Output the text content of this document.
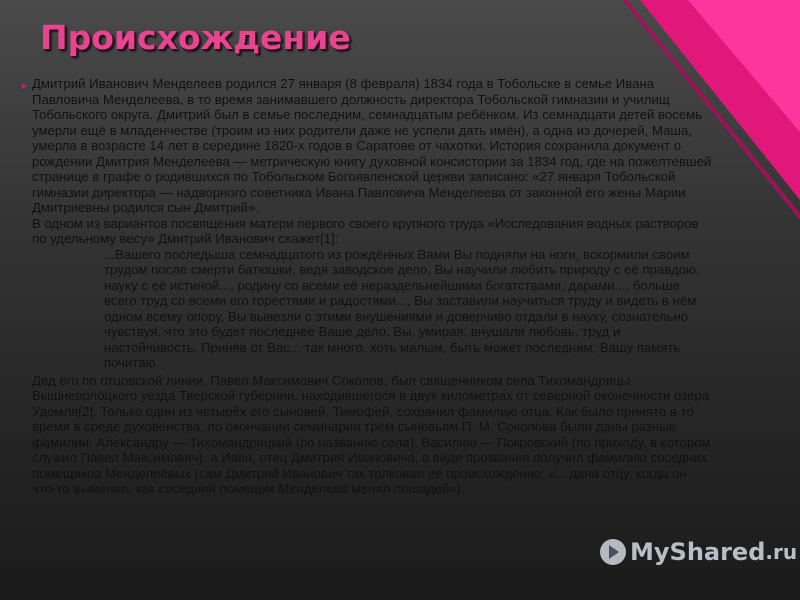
Происхождение
➤ Дмитрий Иванович Менделеев родился 27 января (8 февраля) 1834 года в Тобольске в семье Ивана Павловича Менделеева, в то время занимавшего должность директора Тобольской гимназии и училищ Тобольского округа. Дмитрий был в семье последним, семнадцатым ребёнком. Из семнадцати детей восемь умерли ещё в младенчестве (троим из них родители даже не успели дать имён), а одна из дочерей, Маша, умерла в возрасте 14 лет в середине 1820-х годов в Саратове от чахотки. История сохранила документ о рождении Дмитрия Менделеева — метрическую книгу духовной консистории за 1834 год, где на пожелтевшей странице в графе о родившихся по Тобольском Богоявленской церкви записано: «27 января Тобольской гимназии директора — надворного советника Ивана Павловича Менделеева от законной его жены Марии Дмитриевны родился сын Дмитрий».

В одном из вариантов посвящения матери первого своего крупного труда «Исследования водных растворов по удельному весу» Дмитрий Иванович скажет[1]:

...Вашего последыша семнадцатого из рождённых Вами Вы подняли на ноги, вскормили своим трудом после смерти батюшки, ведя заводское дело, Вы научили любить природу с её правдою, науку с её истиной..., родину со всеми её нераздельнейшими богатствами, дарами..., больше всего труд со всеми его горестями и радостями..., Вы заставили научиться труду и видеть в нём одном всему опору, Вы вывезли с этими внушениями и доверчиво отдали в науку, сознательно чувствуя, что это будет последнее Ваше дело. Вы, умирая, внушали любовь, труд и настойчивость. Приняв от Вас... так много, хоть малым, быть может последним, Вашу память почитаю.

Дед его по отцовской линии, Павел Максимович Соколов, был священником села Тихомандрицы Вышневолоцкого уезда Тверской губернии, находившегося в двух километрах от северной оконечности озера Удомля[2]. Только один из четырёх его сыновей, Тимофей, сохранил фамилию отца. Как было принято в то время в среде духовенства, по окончании семинарии трём сыновьям П. М. Соколова были даны разные фамилии: Александру — Тихомандрицкий (по названию села), Василию — Покровский (по приходу, в котором служил Павел Максимович), а Иван, отец Дмитрия Ивановича, в виде прозвания получил фамилию соседних помещиков Менделеевых (сам Дмитрий Иванович так толковал её происхождение: «…дана отцу, когда он что-то выменял, как соседний помещик Менделеев менял лошадей»).

MyShared .ru
